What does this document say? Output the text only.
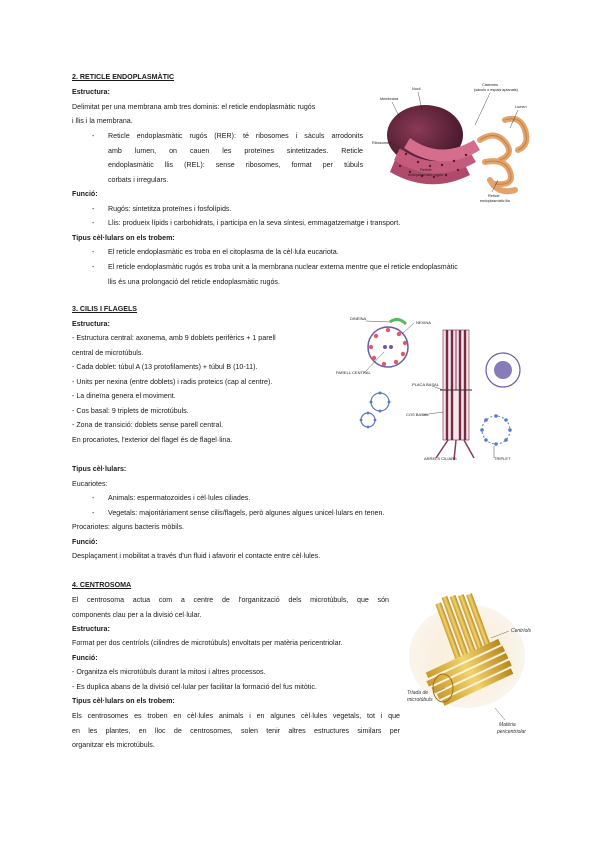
2. RETICLE ENDOPLASMÀTIC
Estructura:
Delimitat per una membrana amb tres dominis: el reticle endoplasmàtic rugós
i llis i la membrana.
- Reticle endoplasmàtic rugós (RER): té ribosomes i sàculs arrodonits
amb lumen, on cauen les proteïnes sintetitzades. Reticle
endoplasmàtic llis (REL): sense ribosomes, format per túbuls
corbats i irregulars.
Funció:
- Rugós: sintetitza proteïnes i fosfolípids.
- Llis: produeix lípids i carbohidrats, i participa en la seva síntesi, emmagatzematge i transport.
Tipus cèl·lulars on els trobem:
- El reticle endoplasmàtic es troba en el citoplasma de la cèl·lula eucariota.
- El reticle endoplasmàtic rugós es troba unit a la membrana nuclear externa mentre que el reticle endoplasmàtic
llis és una prolongació del reticle endoplasmàtic rugós.
Nucli
Membrana
Cisternes
(sàculs o espais aplanats)
Lumen
Ribosomes
Reticle
endoplasmàtic rugós
Reticle
endoplasmàtic llis
3. CILIS I FLAGELS
Estructura:
- Estructura central: axonema, amb 9 doblets perifèrics + 1 parell
central de microtúbuls.
- Cada doblet: túbul A (13 protofilaments) + túbul B (10-11).
- Units per nexina (entre doblets) i radis proteics (cap al centre).
- La dineïna genera el moviment.
- Cos basal: 9 triplets de microtúbuls.
- Zona de transició: doblets sense parell central.
En procariotes, l'exterior del flagel és de flagel·lina.
Tipus cèl·lulars:
Eucariotes:
- Animals: espermatozoides i cèl·lules ciliades.
- Vegetals: majoritàriament sense cilis/flagels, però algunes algues unicel·lulars en tenen.
Procariotes: alguns bacteris mòbils.
Funció:
Desplaçament i mobilitat a través d'un fluid i afavorir el contacte entre cèl·lules.
DINEÏNA
NEXINA
PARELL CENTRAL
PLACA BASAL
COS BASAL
ARRELS CILIARS	TRIPLET
4. CENTROSOMA
El centrosoma actua com a centre de l'organització dels microtúbuls, que són
components clau per a la divisió cel·lular.
Estructura:
Format per dos centríols (cilindres de microtúbuls) envoltats per matèria pericentriolar.
Funció:
- Organitza els microtúbuls durant la mitosi i altres processos.
- Es duplica abans de la divisió cel·lular per facilitar la formació del fus mitòtic.
Tipus cèl·lulars on els trobem:
Els centrosomes es troben en cèl·lules animals i en algunes cèl·lules vegetals, tot i que
en les plantes, en lloc de centrosomes, solen tenir altres estructures similars per
organitzar els microtúbuls.
Centríols
Tríada de
microtúbuls
Matèria
pericentriolar
